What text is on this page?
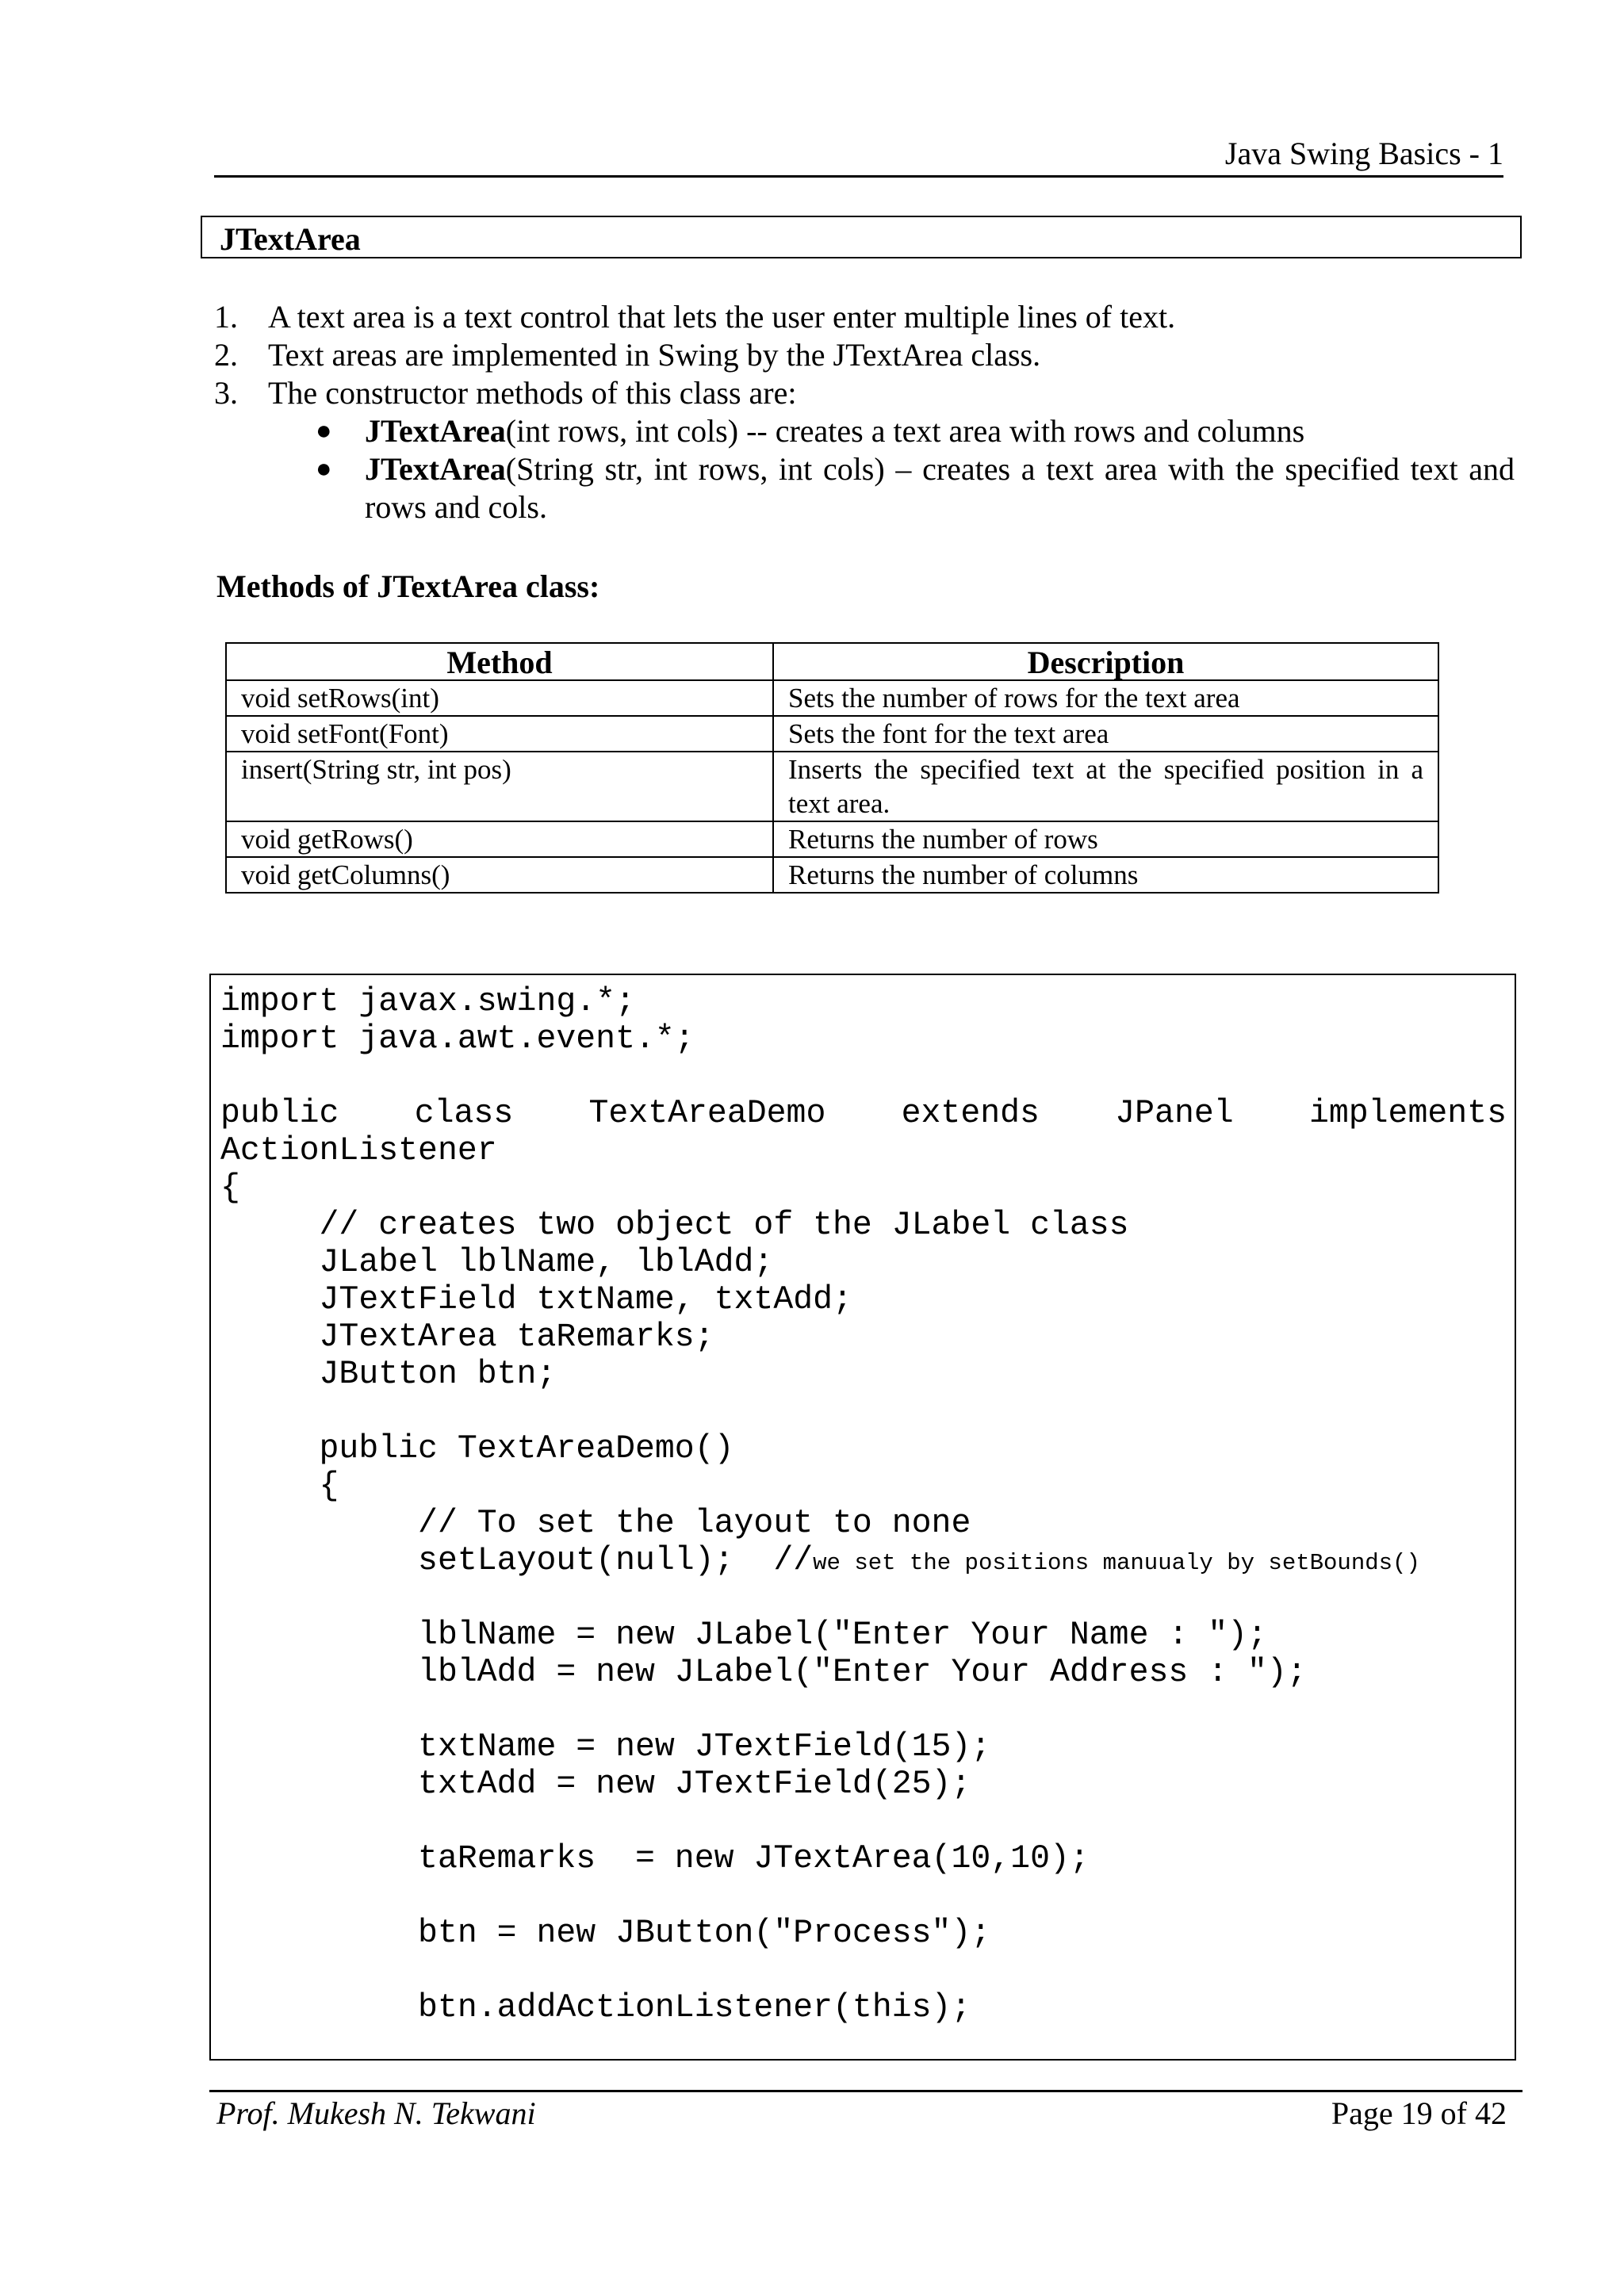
Java Swing Basics - 1
JTextArea
1. A text area is a text control that lets the user enter multiple lines of text.
2. Text areas are implemented in Swing by the JTextArea class.
3. The constructor methods of this class are:
● JTextArea(int rows, int cols) -- creates a text area with rows and columns
● JTextArea(String str, int rows, int cols) – creates a text area with the specified text and rows and cols.
Methods of JTextArea class:
Method	Description
void setRows(int)	Sets the number of rows for the text area
void setFont(Font)	Sets the font for the text area
insert(String str, int pos)	Inserts the specified text at the specified position in a text area.
void getRows()	Returns the number of rows
void getColumns()	Returns the number of columns
import javax.swing.*;
import java.awt.event.*;
public class TextAreaDemo extends JPanel implements
ActionListener
{
// creates two object of the JLabel class
JLabel lblName, lblAdd;
JTextField txtName, txtAdd;
JTextArea taRemarks;
JButton btn;
public TextAreaDemo()
{
// To set the layout to none
setLayout(null);  //we set the positions manuualy by setBounds()
lblName = new JLabel("Enter Your Name : ");
lblAdd = new JLabel("Enter Your Address : ");
txtName = new JTextField(15);
txtAdd = new JTextField(25);
taRemarks  = new JTextArea(10,10);
btn = new JButton("Process");
btn.addActionListener(this);
Prof. Mukesh N. Tekwani	Page 19 of 42
